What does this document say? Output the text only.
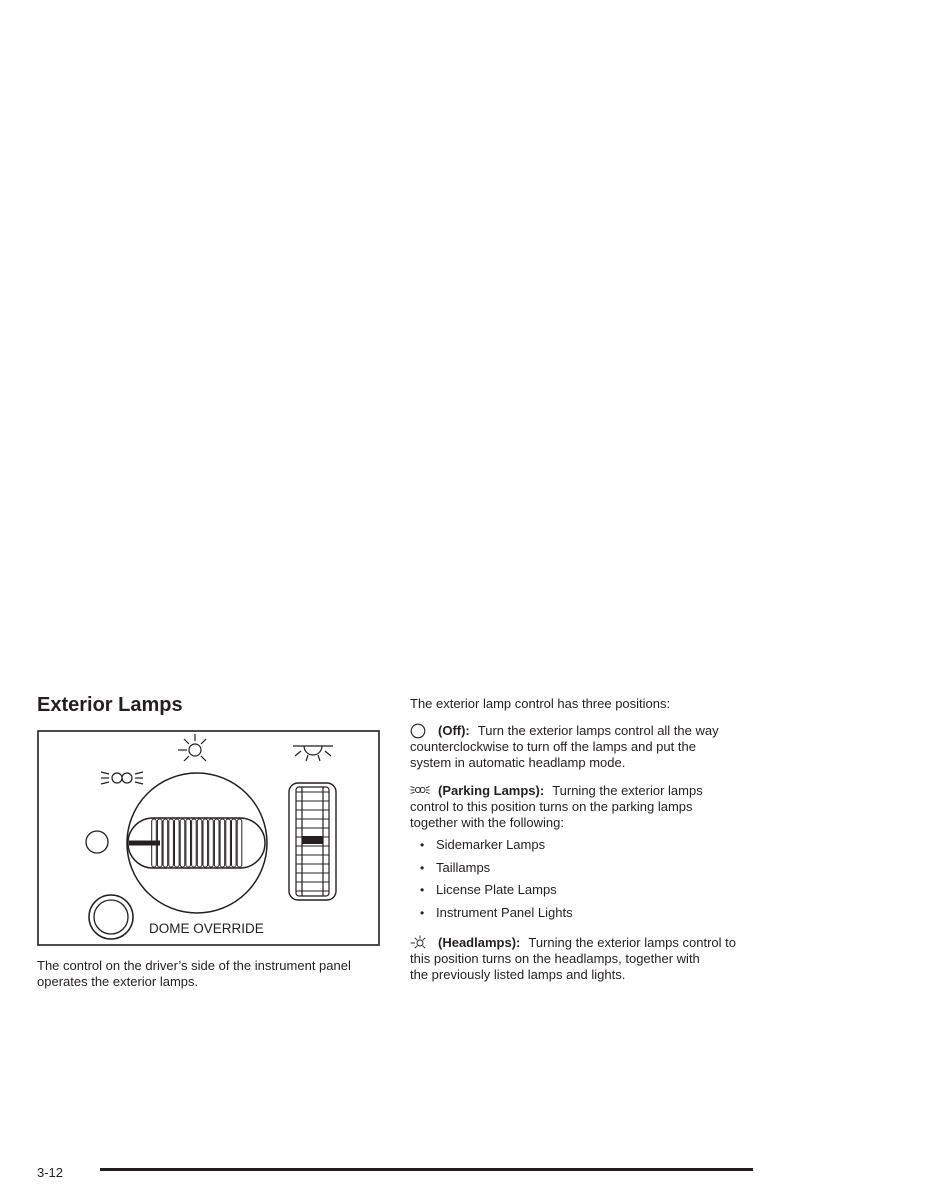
Exterior Lamps
DOME OVERRIDE
The control on the driver’s side of the instrument panel
operates the exterior lamps.
The exterior lamp control has three positions:
(Off): Turn the exterior lamps control all the way
counterclockwise to turn off the lamps and put the
system in automatic headlamp mode.
(Parking Lamps): Turning the exterior lamps
control to this position turns on the parking lamps
together with the following:
• Sidemarker Lamps
• Taillamps
• License Plate Lamps
• Instrument Panel Lights
(Headlamps): Turning the exterior lamps control to
this position turns on the headlamps, together with
the previously listed lamps and lights.
3-12
